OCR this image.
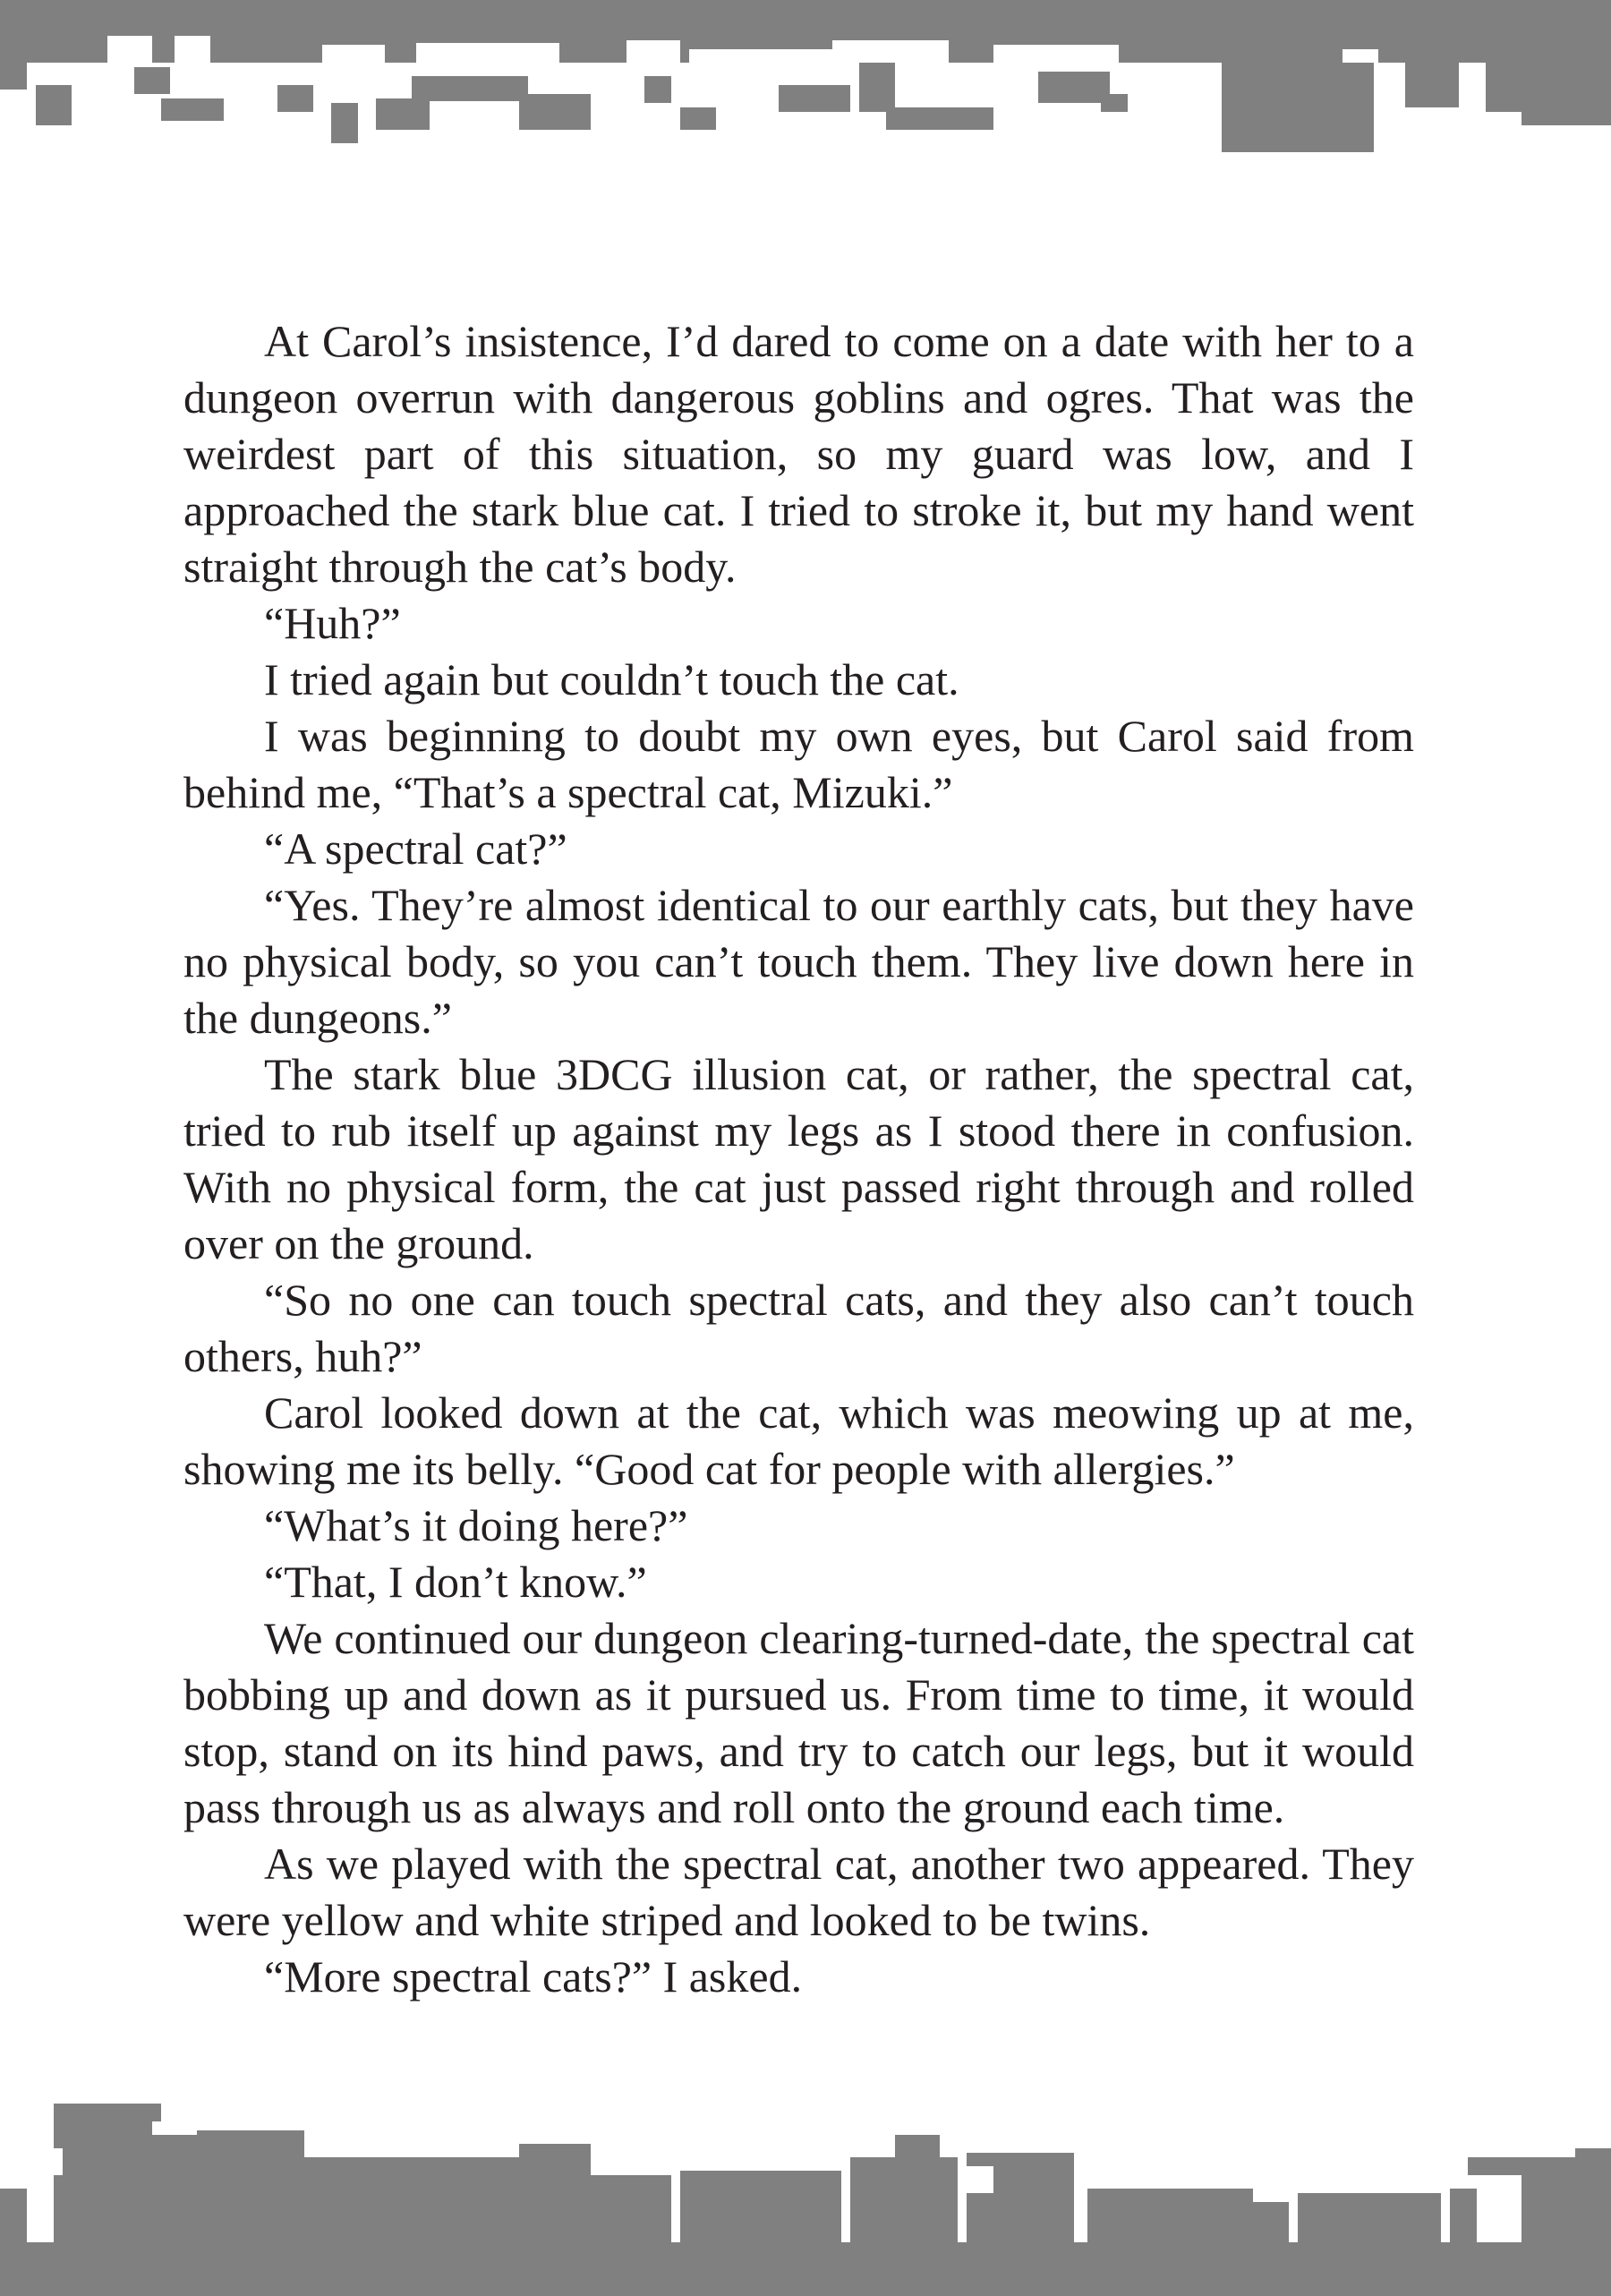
At Carol’s insistence, I’d dared to come on a date with her to a dungeon overrun with dangerous goblins and ogres. That was the weirdest part of this situation, so my guard was low, and I approached the stark blue cat. I tried to stroke it, but my hand went straight through the cat’s body.

“Huh?”

I tried again but couldn’t touch the cat.

I was beginning to doubt my own eyes, but Carol said from behind me, “That’s a spectral cat, Mizuki.”

“A spectral cat?”

“Yes. They’re almost identical to our earthly cats, but they have no physical body, so you can’t touch them. They live down here in the dungeons.”

The stark blue 3DCG illusion cat, or rather, the spectral cat, tried to rub itself up against my legs as I stood there in confusion. With no physical form, the cat just passed right through and rolled over on the ground.

“So no one can touch spectral cats, and they also can’t touch others, huh?”

Carol looked down at the cat, which was meowing up at me, showing me its belly. “Good cat for people with allergies.”

“What’s it doing here?”

“That, I don’t know.”

We continued our dungeon clearing-turned-date, the spectral cat bobbing up and down as it pursued us. From time to time, it would stop, stand on its hind paws, and try to catch our legs, but it would pass through us as always and roll onto the ground each time.

As we played with the spectral cat, another two appeared. They were yellow and white striped and looked to be twins.

“More spectral cats?” I asked.
